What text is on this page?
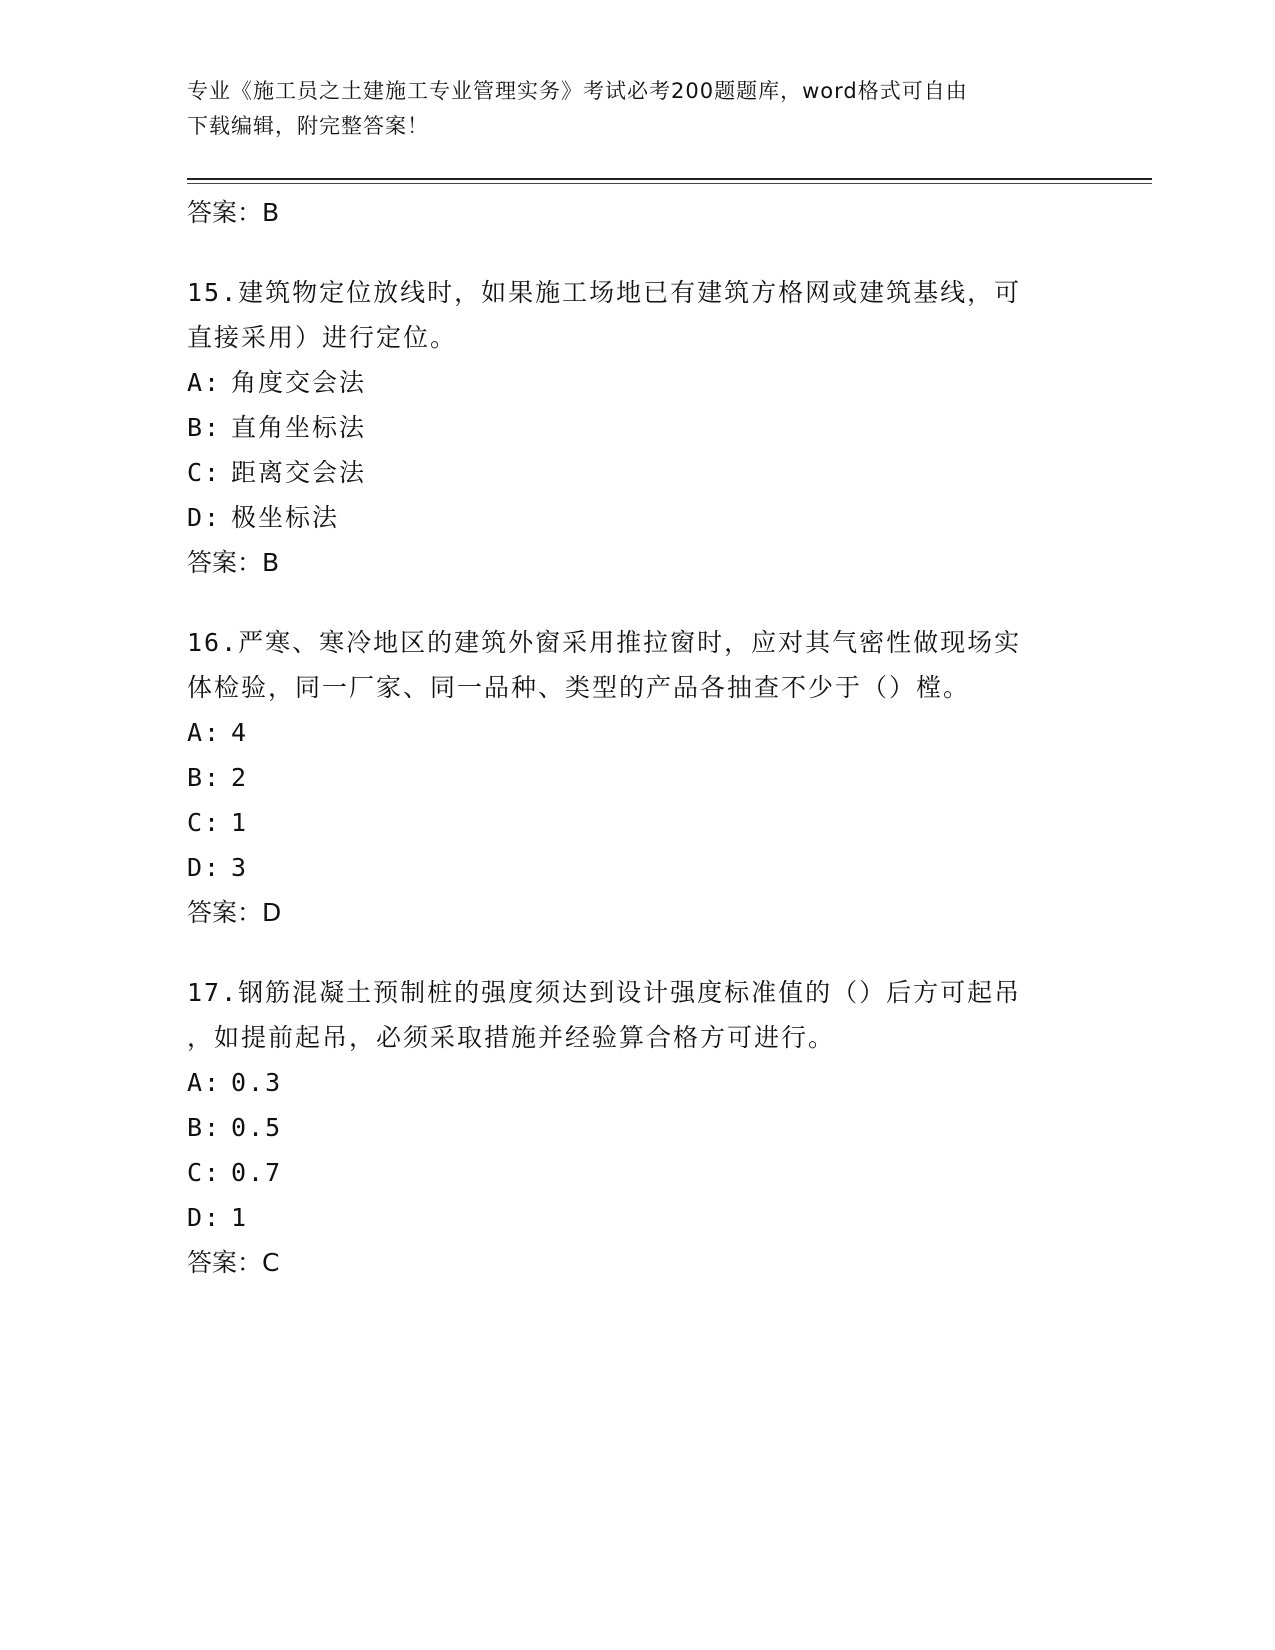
专业《施工员之土建施工专业管理实务》考试必考200题题库，word格式可自由
下载编辑，附完整答案！
答案：B
15.建筑物定位放线时，如果施工场地已有建筑方格网或建筑基线，可
直接采用）进行定位。
A: 角度交会法
B: 直角坐标法
C: 距离交会法
D: 极坐标法
答案：B
16.严寒、寒冷地区的建筑外窗采用推拉窗时，应对其气密性做现场实
体检验，同一厂家、同一品种、类型的产品各抽查不少于（）樘。
A: 4
B: 2
C: 1
D: 3
答案：D
17.钢筋混凝土预制桩的强度须达到设计强度标准值的（）后方可起吊
，如提前起吊，必须采取措施并经验算合格方可进行。
A: 0.3
B: 0.5
C: 0.7
D: 1
答案：C
